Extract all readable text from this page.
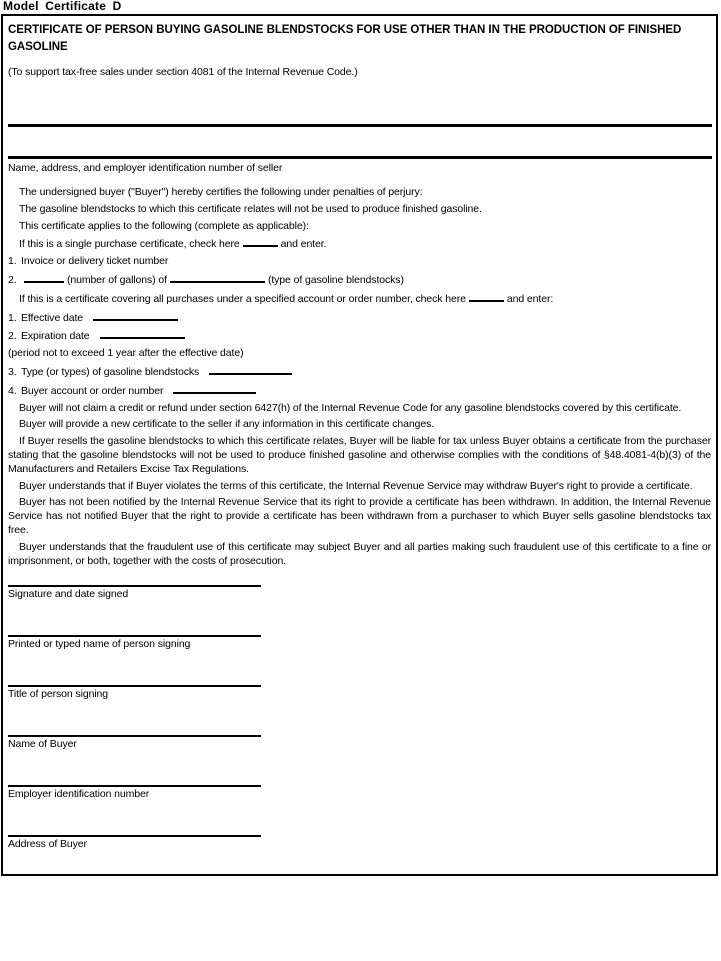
Model Certificate D
CERTIFICATE OF PERSON BUYING GASOLINE BLENDSTOCKS FOR USE OTHER THAN IN THE PRODUCTION OF FINISHED GASOLINE
(To support tax-free sales under section 4081 of the Internal Revenue Code.)
Name, address, and employer identification number of seller
The undersigned buyer ("Buyer") hereby certifies the following under penalties of perjury:
The gasoline blendstocks to which this certificate relates will not be used to produce finished gasoline.
This certificate applies to the following (complete as applicable):
If this is a single purchase certificate, check here	and enter.
1. Invoice or delivery ticket number
2.	(number of gallons) of	(type of gasoline blendstocks)
If this is a certificate covering all purchases under a specified account or order number, check here	and enter:
1. Effective date
2. Expiration date
(period not to exceed 1 year after the effective date)
3. Type (or types) of gasoline blendstocks
4. Buyer account or order number
Buyer will not claim a credit or refund under section 6427(h) of the Internal Revenue Code for any gasoline blendstocks covered by this certificate.
Buyer will provide a new certificate to the seller if any information in this certificate changes.
If Buyer resells the gasoline blendstocks to which this certificate relates, Buyer will be liable for tax unless Buyer obtains a certificate from the purchaser stating that the gasoline blendstocks will not be used to produce finished gasoline and otherwise complies with the conditions of §48.4081-4(b)(3) of the Manufacturers and Retailers Excise Tax Regulations.
Buyer understands that if Buyer violates the terms of this certificate, the Internal Revenue Service may withdraw Buyer's right to provide a certificate.
Buyer has not been notified by the Internal Revenue Service that its right to provide a certificate has been withdrawn. In addition, the Internal Revenue Service has not notified Buyer that the right to provide a certificate has been withdrawn from a purchaser to which Buyer sells gasoline blendstocks tax free.
Buyer understands that the fraudulent use of this certificate may subject Buyer and all parties making such fraudulent use of this certificate to a fine or imprisonment, or both, together with the costs of prosecution.
Signature and date signed
Printed or typed name of person signing
Title of person signing
Name of Buyer
Employer identification number
Address of Buyer
